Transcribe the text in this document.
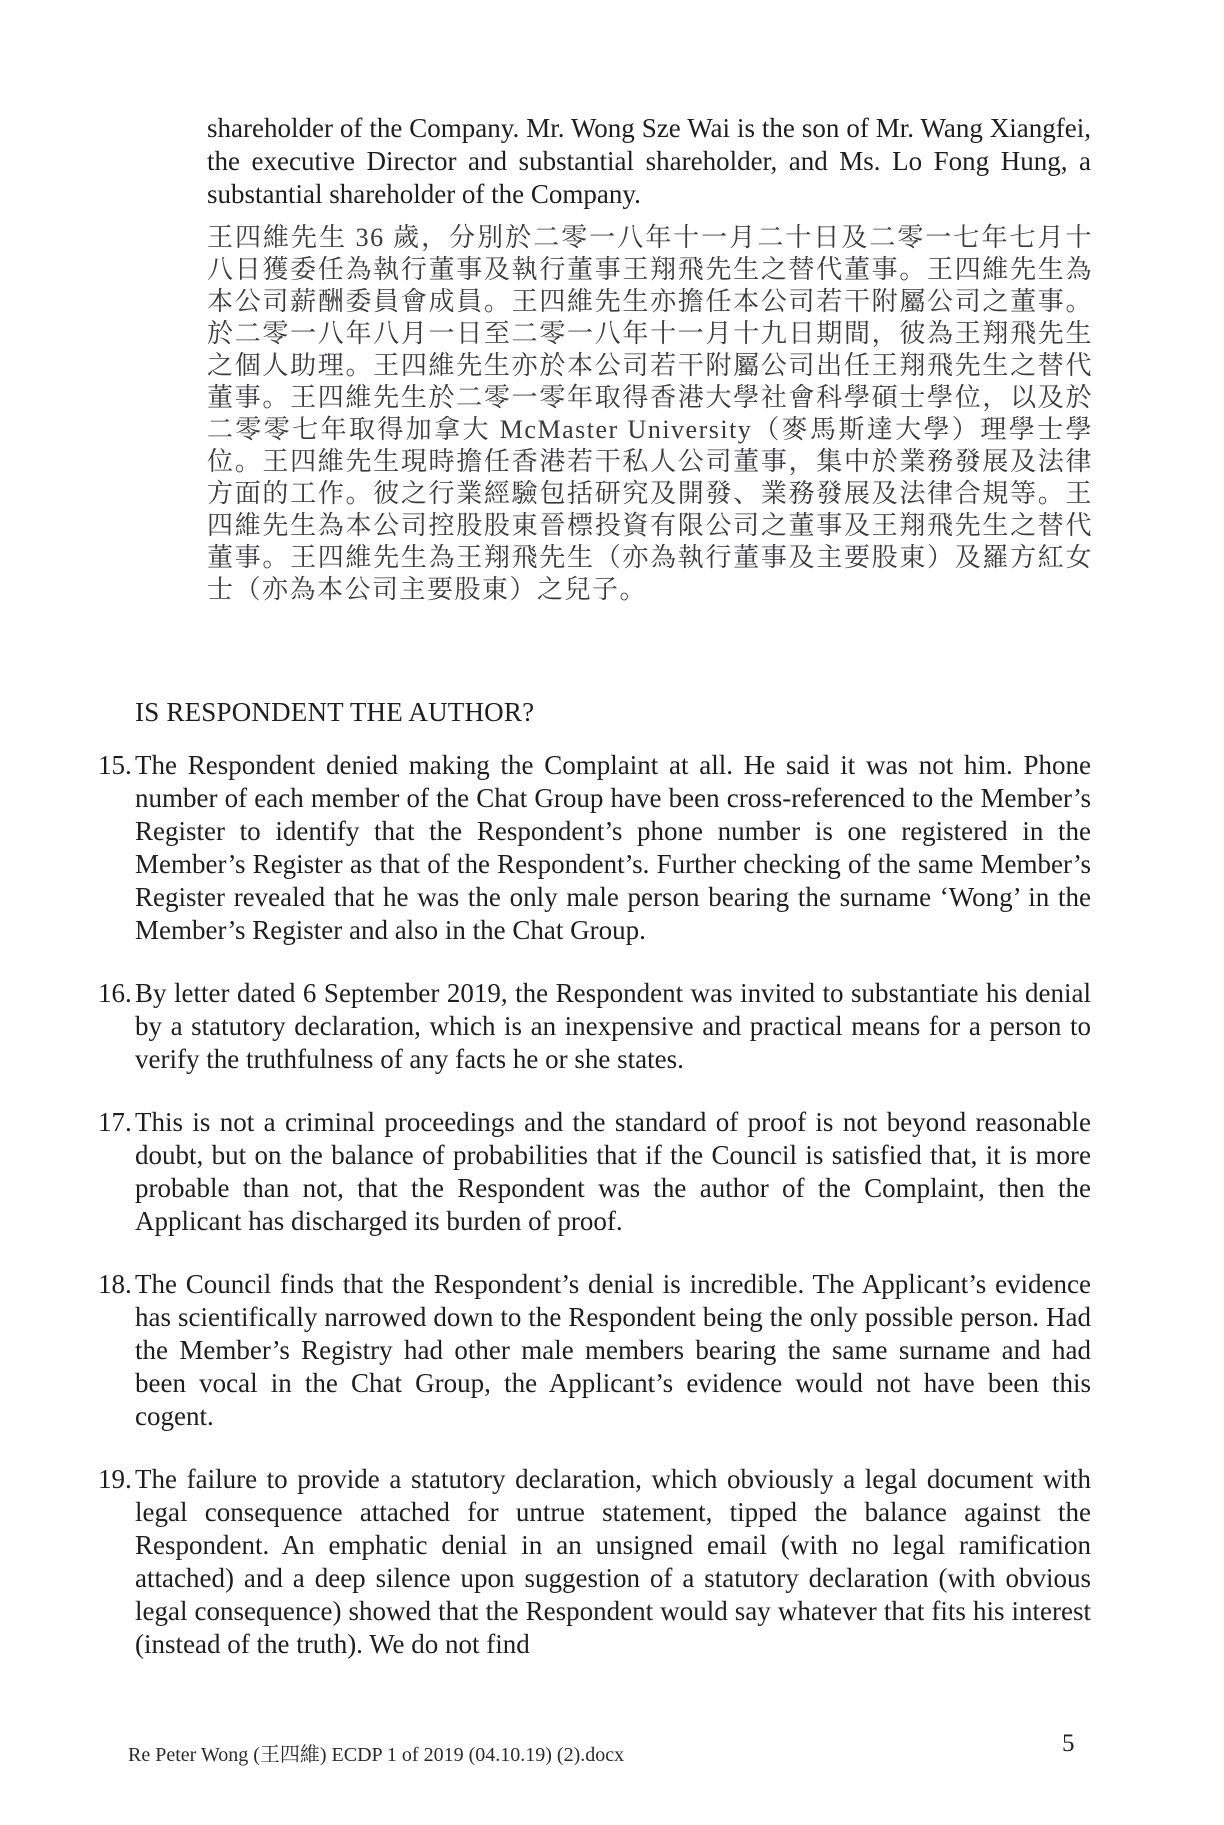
shareholder of the Company. Mr. Wong Sze Wai is the son of Mr. Wang Xiangfei, the executive Director and substantial shareholder, and Ms. Lo Fong Hung, a substantial shareholder of the Company.
王四維先生 36 歲，分別於二零一八年十一月二十日及二零一七年七月十八日獲委任為執行董事及執行董事王翔飛先生之替代董事。王四維先生為本公司薪酬委員會成員。王四維先生亦擔任本公司若干附屬公司之董事。於二零一八年八月一日至二零一八年十一月十九日期間，彼為王翔飛先生之個人助理。王四維先生亦於本公司若干附屬公司出任王翔飛先生之替代董事。王四維先生於二零一零年取得香港大學社會科學碩士學位，以及於二零零七年取得加拿大 McMaster University（麥馬斯達大學）理學士學位。王四維先生現時擔任香港若干私人公司董事，集中於業務發展及法律方面的工作。彼之行業經驗包括研究及開發、業務發展及法律合規等。王四維先生為本公司控股股東晉標投資有限公司之董事及王翔飛先生之替代董事。王四維先生為王翔飛先生（亦為執行董事及主要股東）及羅方紅女士（亦為本公司主要股東）之兒子。
IS RESPONDENT THE AUTHOR?
15. The Respondent denied making the Complaint at all. He said it was not him. Phone number of each member of the Chat Group have been cross-referenced to the Member’s Register to identify that the Respondent’s phone number is one registered in the Member’s Register as that of the Respondent’s. Further checking of the same Member’s Register revealed that he was the only male person bearing the surname ‘Wong’ in the Member’s Register and also in the Chat Group.
16. By letter dated 6 September 2019, the Respondent was invited to substantiate his denial by a statutory declaration, which is an inexpensive and practical means for a person to verify the truthfulness of any facts he or she states.
17. This is not a criminal proceedings and the standard of proof is not beyond reasonable doubt, but on the balance of probabilities that if the Council is satisfied that, it is more probable than not, that the Respondent was the author of the Complaint, then the Applicant has discharged its burden of proof.
18. The Council finds that the Respondent’s denial is incredible. The Applicant’s evidence has scientifically narrowed down to the Respondent being the only possible person. Had the Member’s Registry had other male members bearing the same surname and had been vocal in the Chat Group, the Applicant’s evidence would not have been this cogent.
19. The failure to provide a statutory declaration, which obviously a legal document with legal consequence attached for untrue statement, tipped the balance against the Respondent. An emphatic denial in an unsigned email (with no legal ramification attached) and a deep silence upon suggestion of a statutory declaration (with obvious legal consequence) showed that the Respondent would say whatever that fits his interest (instead of the truth). We do not find
Re Peter Wong (王四維) ECDP 1 of 2019 (04.10.19) (2).docx	5
